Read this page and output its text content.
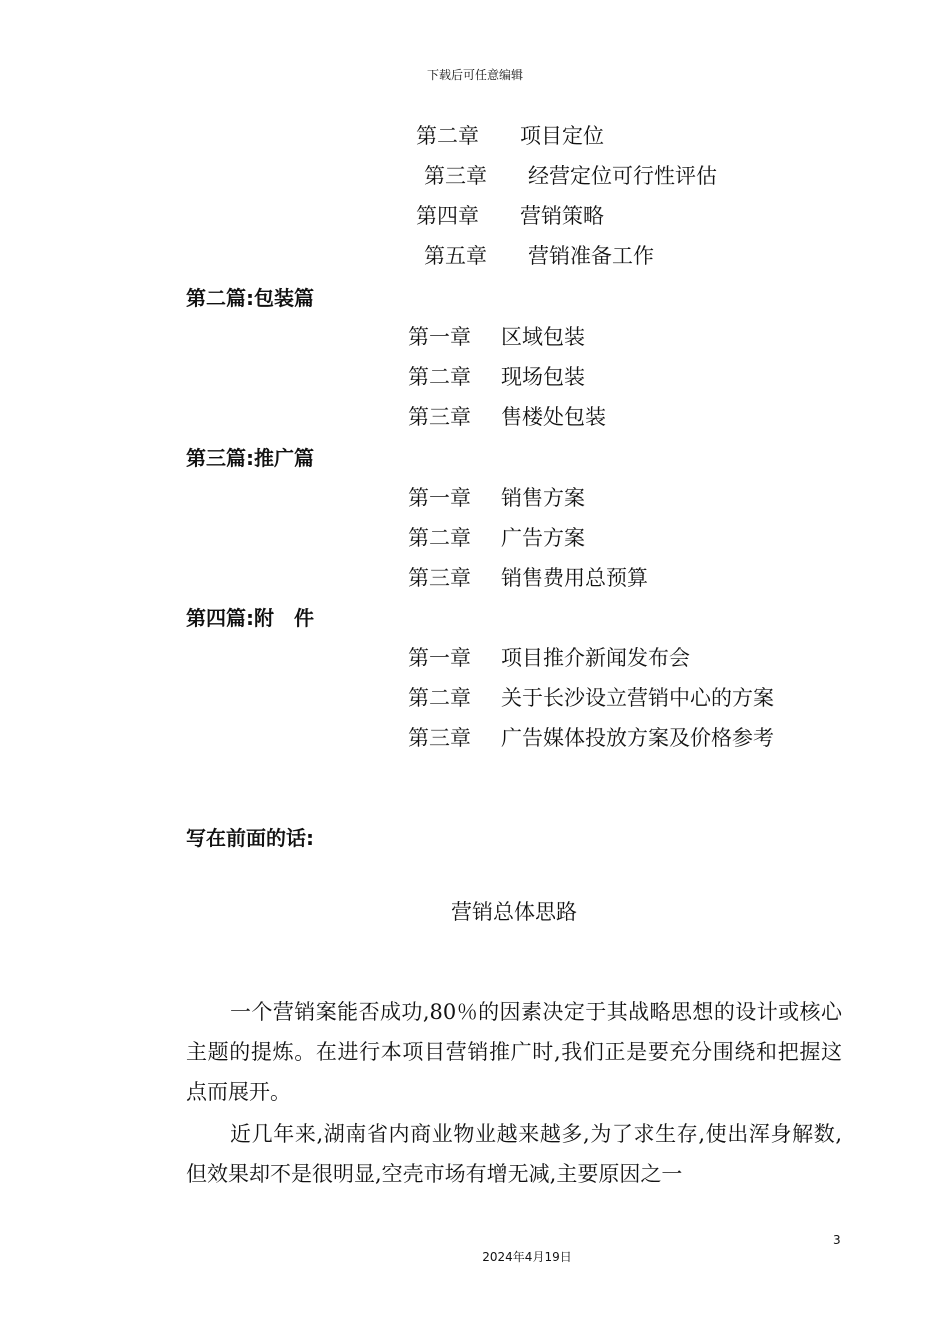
下载后可任意编辑
第二章 项目定位
第三章 经营定位可行性评估
第四章 营销策略
第五章 营销准备工作
第二篇:包装篇
第一章 区域包装
第二章 现场包装
第三章 售楼处包装
第三篇:推广篇
第一章 销售方案
第二章 广告方案
第三章 销售费用总预算
第四篇:附　件
第一章 项目推介新闻发布会
第二章 关于长沙设立营销中心的方案
第三章 广告媒体投放方案及价格参考
写在前面的话:
营销总体思路

一个营销案能否成功,80％的因素决定于其战略思想的设计或核心主题的提炼。在进行本项目营销推广时,我们正是要充分围绕和把握这点而展开。

近几年来,湖南省内商业物业越来越多,为了求生存,使出浑身解数,但效果却不是很明显,空壳市场有增无减,主要原因之一

3
2024年4月19日
